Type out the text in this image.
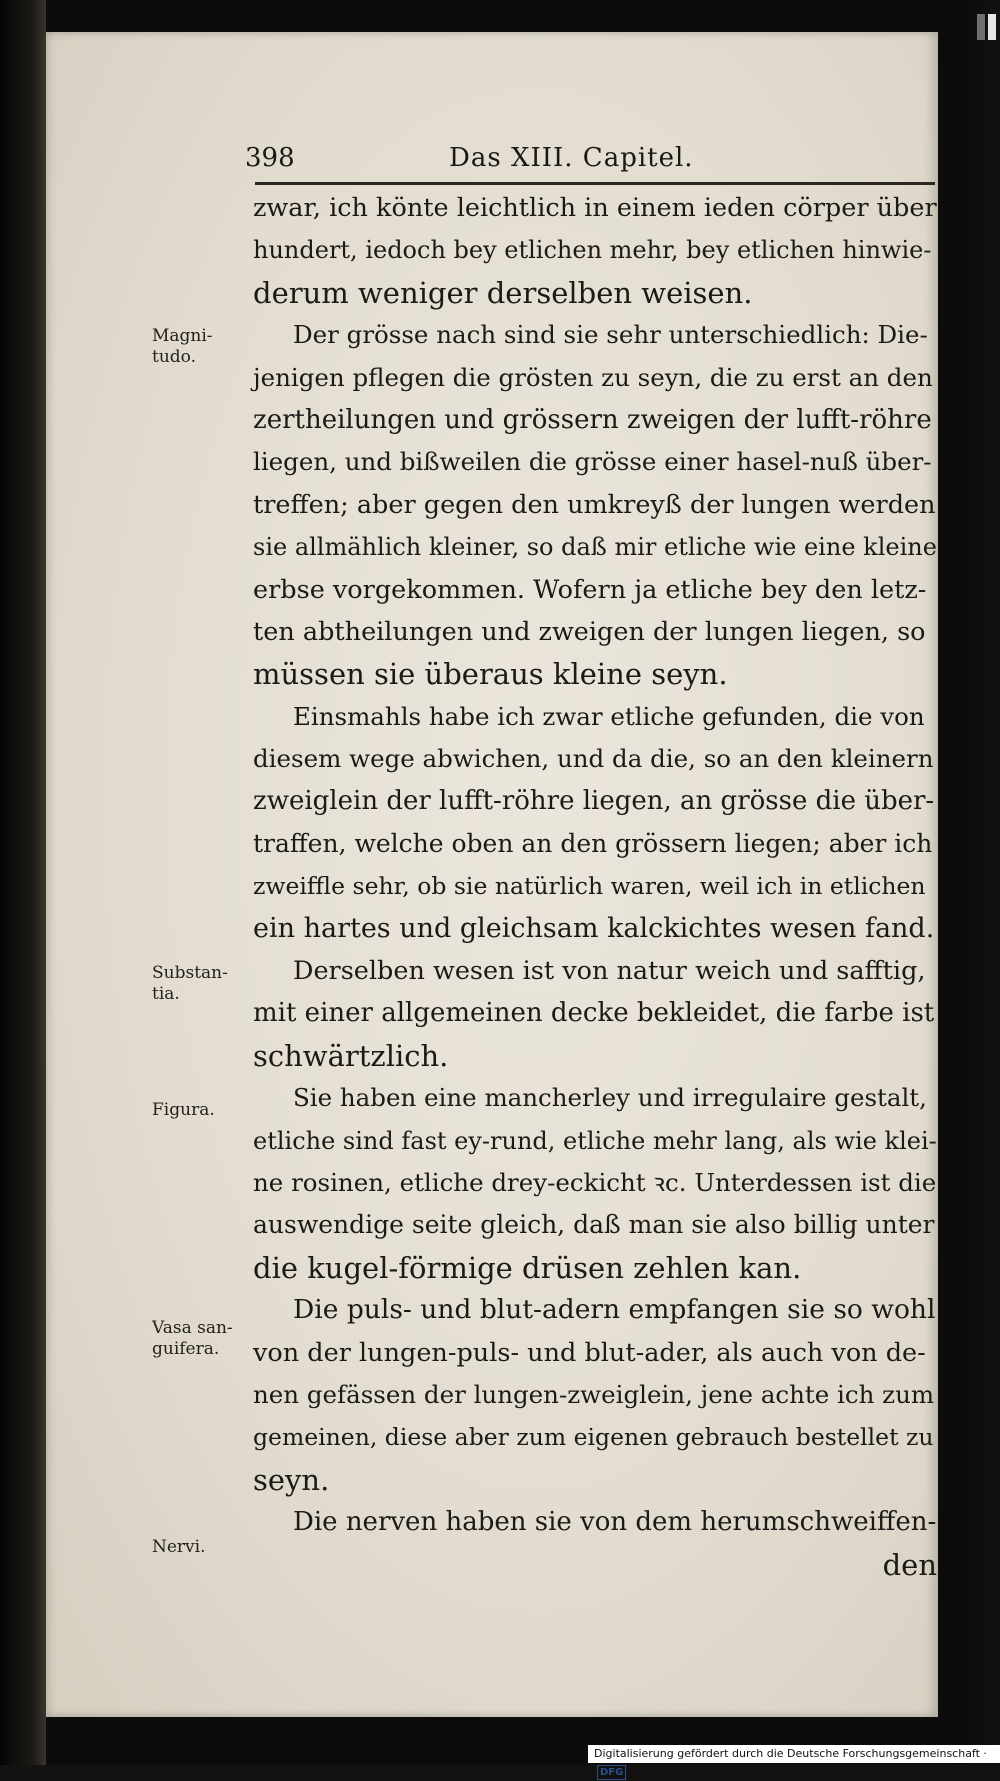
398	Das XIII. Capitel.
zwar, ich könte leichtlich in einem ieden cörper über
hundert, iedoch bey etlichen mehr, bey etlichen hinwie-
derum weniger derselben weisen.
Der grösse nach sind sie sehr unterschiedlich: Die-
jenigen pflegen die grösten zu seyn, die zu erst an den
zertheilungen und grössern zweigen der lufft-röhre
liegen, und bißweilen die grösse einer hasel-nuß über-
treffen; aber gegen den umkreyß der lungen werden
sie allmählich kleiner, so daß mir etliche wie eine kleine
erbse vorgekommen. Wofern ja etliche bey den letz-
ten abtheilungen und zweigen der lungen liegen, so
müssen sie überaus kleine seyn.
Einsmahls habe ich zwar etliche gefunden, die von
diesem wege abwichen, und da die, so an den kleinern
zweiglein der lufft-röhre liegen, an grösse die über-
traffen, welche oben an den grössern liegen; aber ich
zweiffle sehr, ob sie natürlich waren, weil ich in etlichen
ein hartes und gleichsam kalckichtes wesen fand.
Derselben wesen ist von natur weich und safftig,
mit einer allgemeinen decke bekleidet, die farbe ist
schwärtzlich.
Sie haben eine mancherley und irregulaire gestalt,
etliche sind fast ey-rund, etliche mehr lang, als wie klei-
ne rosinen, etliche drey-eckicht ꝛc. Unterdessen ist die
auswendige seite gleich, daß man sie also billig unter
die kugel-förmige drüsen zehlen kan.
Die puls- und blut-adern empfangen sie so wohl
von der lungen-puls- und blut-ader, als auch von de-
nen gefässen der lungen-zweiglein, jene achte ich zum
gemeinen, diese aber zum eigenen gebrauch bestellet zu
seyn.
Die nerven haben sie von dem herumschweiffen-
den
Magni-
tudo.
Substan-
tia.
Figura.
Vasa san-
guifera.
Nervi.
Digitalisierung gefördert durch die Deutsche Forschungsgemeinschaft · DFG
